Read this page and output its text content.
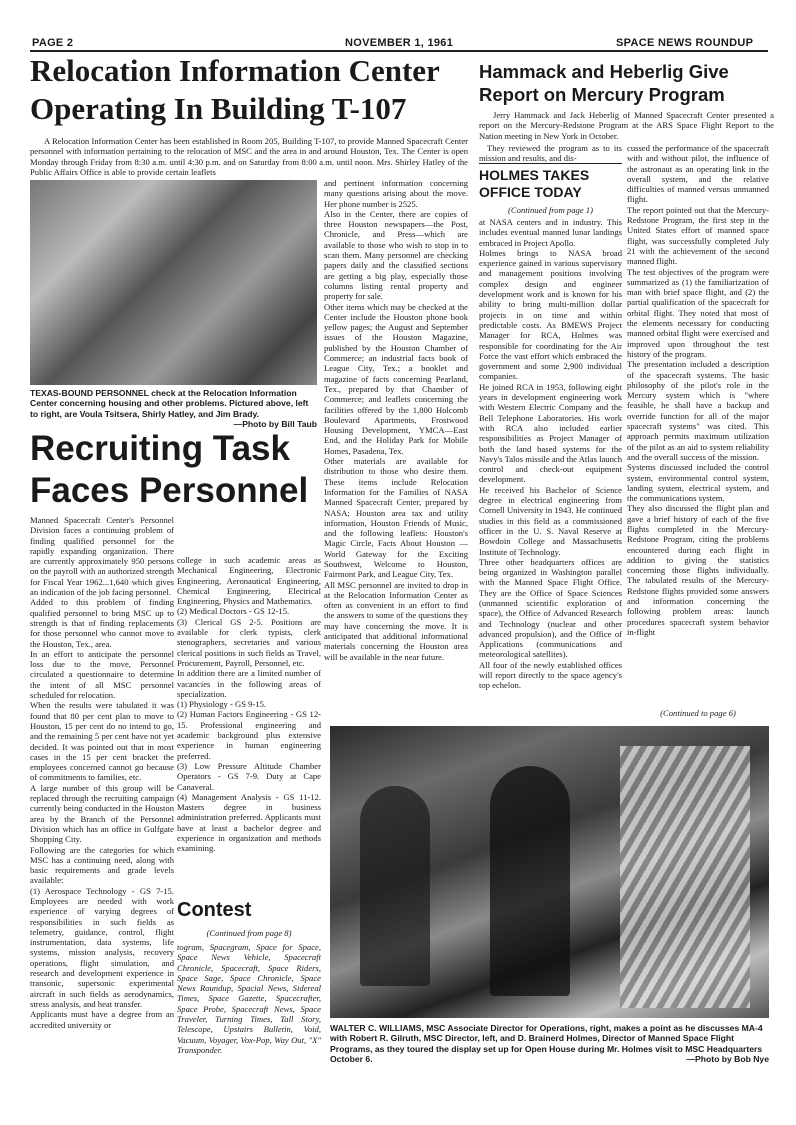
PAGE 2	NOVEMBER 1, 1961	SPACE NEWS ROUNDUP
Relocation Information Center Operating In Building T-107
A Relocation Information Center has been established in Room 205, Building T-107, to provide Manned Spacecraft Center personnel with information pertaining to the relocation of MSC and the area in and around Houston, Tex. The Center is open Monday through Friday from 8:30 a.m. until 4:30 p.m. and on Saturday from 8:00 a.m. until noon. Mrs. Shirley Hatley of the Public Affairs Office is able to provide certain leaflets
TEXAS-BOUND PERSONNEL check at the Relocation Information Center concerning housing and other problems. Pictured above, left to right, are Voula Tsitsera, Shirly Hatley, and Jim Brady.
—Photo by Bill Taub
and pertinent information concerning many questions arising about the move. Her phone number is 2525.
Also in the Center, there are copies of three Houston newspapers—the Post, Chronicle, and Press—which are available to those who wish to stop in to scan them. Many personnel are checking papers daily and the classified sections are getting a big play, especially those columns listing rental property and property for sale.
Other items which may be checked at the Center include the Houston phone book yellow pages; the August and September issues of the Houston Magazine, published by the Houston Chamber of Commerce; an industrial facts book of League City, Tex.; a booklet and magazine of facts concerning Pearland, Tex., prepared by that Chamber of Commerce; and leaflets concerning the facilities offered by the 1,800 Holcomb Boulevard Apartments, Frostwood Housing Development, YMCA—East End, and the Holiday Park for Mobile Homes, Pasadena, Tex.
Other materials are available for distribution to those who desire them. These items include Relocation Information for the Families of NASA Manned Spacecraft Center, prepared by NASA; Houston area tax and utility information, Houston Friends of Music, and the following leaflets: Houston's Magic Circle, Facts About Houston — World Gateway for the Exciting Southwest, Welcome to Houston, Fairmont Park, and League City, Tex.
All MSC personnel are invited to drop in at the Relocation Information Center as often as convenient in an effort to find the answers to some of the questions they may have concerning the move. It is anticipated that additional informational materials concerning the Houston area will be available in the near future.
Recruiting Task
Faces Personnel
Manned Spacecraft Center's Personnel Division faces a continuing problem of finding qualified personnel for the rapidly expanding organization. There are currently approximately 950 persons on the payroll with an authorized strength for Fiscal Year 1962...1,640 which gives an indication of the job facing personnel.
Added to this problem of finding qualified personnel to bring MSC up to strength is that of finding replacements for those personnel who cannot move to the Houston, Tex., area.
In an effort to anticipate the personnel loss due to the move, Personnel circulated a questionnaire to determine the intent of all MSC personnel scheduled for relocation.
When the results were tabulated it was found that 80 per cent plan to move to Houston, 15 per cent do no intend to go, and the remaining 5 per cent have not yet decided. It was pointed out that in most cases in the 15 per cent bracket the employees concerned cannot go because of commitments to families, etc.
A large number of this group will be replaced through the recruiting campaign currently being conducted in the Houston area by the Branch of the Personnel Division which has an office in Gulfgate Shopping City.
Following are the categories for which MSC has a continuing need, along with basic requirements and grade levels available:
(1) Aerospace Technology - GS 7-15. Employees are needed with work experience of varying degrees of responsibilities in such fields as telemetry, guidance, control, flight instrumentation, data systems, life systems, mission analysis, recovery operations, flight simulation, and research and development experience in transonic, supersonic experimental aircraft in such fields as aerodynamics, stress analysis, and heat transfer.
Applicants must have a degree from an accredited university or
college in such academic areas as Mechanical Engineering, Electronic Engineering, Aeronautical Engineering, Chemical Engineering, Electrical Engineering, Physics and Mathematics.
(2) Medical Doctors - GS 12-15.
(3) Clerical GS 2-5. Positions are available for clerk typists, clerk stenographers, secretaries and various clerical positions in such fields as Travel, Procurement, Payroll, Personnel, etc.
In addition there are a limited number of vacancies in the following areas of specialization.
(1) Physiology - GS 9-15.
(2) Human Factors Engineering - GS 12-15. Professional engineering and academic background plus extensive experience in human engineering preferred.
(3) Low Pressure Altitude Chamber Operators - GS 7-9. Duty at Cape Canaveral.
(4) Management Analysis - GS 11-12. Masters degree in business administration preferred. Applicants must have at least a bachelor degree and experience in organization and methods examining.
Contest
(Continued from page 8)
togram, Spacegram, Space for Space, Space News Vehicle, Spacecraft Chronicle, Spacecraft, Space Riders, Space Sage, Space Chronicle, Space News Roundup, Spacial News, Sidereal Times, Space Gazette, Spacecrafter, Space Probe, Spacecraft News, Space Traveler, Turning Times, Tall Story, Telescope, Upstairs Bulletin, Void, Vacuum, Voyager, Vox-Pop, Way Out, "X" Transponder.
Hammack and Heberlig Give Report on Mercury Program
Jerry Hammack and Jack Heberlig of Manned Spacecraft Center presented a report on the Mercury-Redstone Program at the ARS Space Flight Report to the Nation meeting in New York in October.
They reviewed the program as to its mission and results, and dis-
HOLMES TAKES
OFFICE TODAY
(Continued from page 1)
at NASA centers and in industry. This includes eventual manned lunar landings embraced in Project Apollo.
Holmes brings to NASA broad experience gained in various supervisory and management positions involving complex design and engineer development work and is known for his ability to bring multi-million dollar projects in on time and within predictable costs. As BMEWS Project Manager for RCA, Holmes was responsible for coordinating for the Air Force the vast effort which embraced the government and some 2,900 individual companies.
He joined RCA in 1953, following eight years in development engineering work with Western Electric Company and the Bell Telephone Laboratories. His work with RCA also included earlier responsibilities as Project Manager of both the land based systems for the Navy's Talos missile and the Atlas launch control and check-out equipment development.
He received his Bachelor of Science degree in electrical engineering from Cornell University in 1943. He continued studies in this field as a commissioned officer in the U. S. Naval Reserve at Bowdoin College and Massachusetts Institute of Technology.
Three other headquarters offices are being organized in Washington parallel with the Manned Space Flight Office. They are the Office of Space Sciences (unmanned scientific exploration of space), the Office of Advanced Research and Technology (nuclear and other advanced propulsion), and the Office of Applications (communications and meteorological satellites).
All four of the newly established offices will report directly to the space agency's top echelon.
cussed the performance of the spacecraft with and without pilot, the influence of the astronaut as an operating link in the overall system, and the relative difficulties of manned versus unmanned flight.
The report pointed out that the Mercury-Redstone Program, the first step in the United States effort of manned space flight, was successfully completed July 21 with the achievement of the second manned flight.
The test objectives of the program were summarized as (1) the familiarization of man with brief space flight, and (2) the partial qualification of the spacecraft for orbital flight. They noted that most of the elements necessary for conducting manned orbital flight were exercised and improved upon throughout the test history of the program.
The presentation included a description of the spacecraft systems. The basic philosophy of the pilot's role in the Mercury system which is "where feasible, he shall have a backup and override function for all of the major spacecraft systems" was cited. This approach permits maximum utilization of the pilot as an aid to system reliability and the overall success of the mission.
Systems discussed included the control system, environmental control system, landing system, electrical system, and the communications system.
They also discussed the flight plan and gave a brief history of each of the five flights completed in the Mercury-Redstone Program, citing the problems encountered during each flight in addition to giving the statistics concerning those flights individually. The tabulated results of the Mercury-Redstone flights provided some answers and information concerning the following problem areas: launch procedures spacecraft system behavior in-flight
(Continued to page 6)
WALTER C. WILLIAMS, MSC Associate Director for Operations, right, makes a point as he discusses MA-4 with Robert R. Gilruth, MSC Director, left, and D. Brainerd Holmes, Director of Manned Space Flight Programs, as they toured the display set up for Open House during Mr. Holmes visit to MSC Headquarters October 6.	—Photo by Bob Nye
